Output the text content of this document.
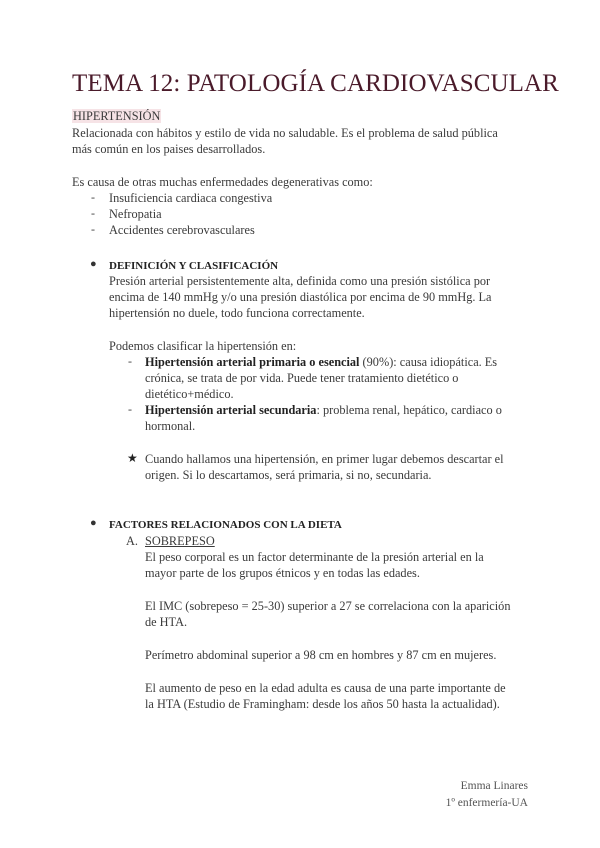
TEMA 12: PATOLOGÍA CARDIOVASCULAR
HIPERTENSIÓN
Relacionada con hábitos y estilo de vida no saludable. Es el problema de salud pública
más común en los paises desarrollados.
Es causa de otras muchas enfermedades degenerativas como:
- Insuficiencia cardiaca congestiva
- Nefropatia
- Accidentes cerebrovasculares
● DEFINICIÓN Y CLASIFICACIÓN
Presión arterial persistentemente alta, definida como una presión sistólica por
encima de 140 mmHg y/o una presión diastólica por encima de 90 mmHg. La
hipertensión no duele, todo funciona correctamente.
Podemos clasificar la hipertensión en:
- Hipertensión arterial primaria o esencial (90%): causa idiopática. Es
crónica, se trata de por vida. Puede tener tratamiento dietético o
dietético+médico.
- Hipertensión arterial secundaria: problema renal, hepático, cardiaco o
hormonal.
★ Cuando hallamos una hipertensión, en primer lugar debemos descartar el
origen. Si lo descartamos, será primaria, si no, secundaria.
● FACTORES RELACIONADOS CON LA DIETA
A. SOBREPESO
El peso corporal es un factor determinante de la presión arterial en la
mayor parte de los grupos étnicos y en todas las edades.
El IMC (sobrepeso = 25-30) superior a 27 se correlaciona con la aparición
de HTA.
Perímetro abdominal superior a 98 cm en hombres y 87 cm en mujeres.
El aumento de peso en la edad adulta es causa de una parte importante de
la HTA (Estudio de Framingham: desde los años 50 hasta la actualidad).
Emma Linares
1º enfermería-UA
